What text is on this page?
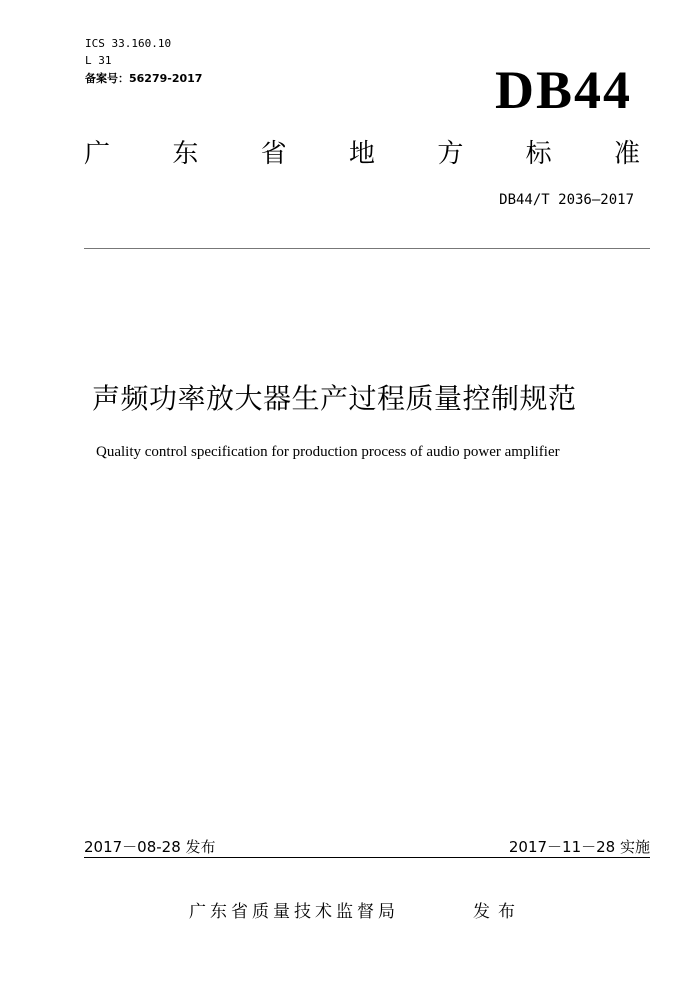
ICS 33.160.10
L 31
备案号：56279-2017	DB44
广 东 省 地 方 标 准
DB44/T 2036—2017
声频功率放大器生产过程质量控制规范
Quality control specification for production process of audio power amplifier
2017－08-28 发布	2017－11－28 实施
广东省质量技术监督局	发布
